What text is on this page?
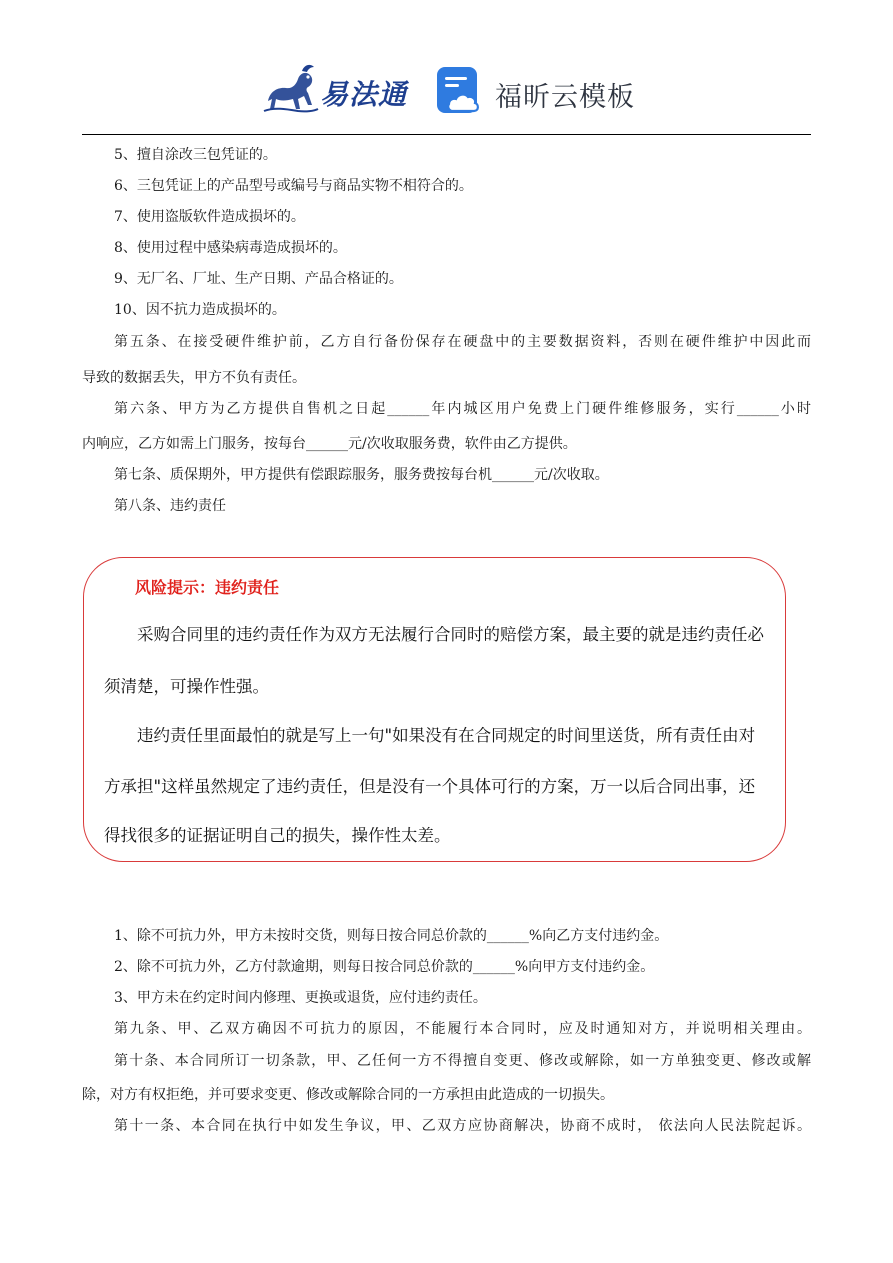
易法通	福昕云模板
5、擅自涂改三包凭证的。
6、三包凭证上的产品型号或编号与商品实物不相符合的。
7、使用盗版软件造成损坏的。
8、使用过程中感染病毒造成损坏的。
9、无厂名、厂址、生产日期、产品合格证的。
10、因不抗力造成损坏的。
第五条、在接受硬件维护前，乙方自行备份保存在硬盘中的主要数据资料，否则在硬件维护中因此而
导致的数据丢失，甲方不负有责任。
第六条、甲方为乙方提供自售机之日起______年内城区用户免费上门硬件维修服务，实行______小时
内响应，乙方如需上门服务，按每台______元/次收取服务费，软件由乙方提供。
第七条、质保期外，甲方提供有偿跟踪服务，服务费按每台机______元/次收取。
第八条、违约责任
风险提示：违约责任
采购合同里的违约责任作为双方无法履行合同时的赔偿方案，最主要的就是违约责任必
须清楚，可操作性强。
违约责任里面最怕的就是写上一句"如果没有在合同规定的时间里送货，所有责任由对
方承担"这样虽然规定了违约责任，但是没有一个具体可行的方案，万一以后合同出事，还
得找很多的证据证明自己的损失，操作性太差。
1、除不可抗力外，甲方未按时交货，则每日按合同总价款的______%向乙方支付违约金。
2、除不可抗力外，乙方付款逾期，则每日按合同总价款的______%向甲方支付违约金。
3、甲方未在约定时间内修理、更换或退货，应付违约责任。
第九条、甲、乙双方确因不可抗力的原因，不能履行本合同时，应及时通知对方，并说明相关理由。
第十条、本合同所订一切条款，甲、乙任何一方不得擅自变更、修改或解除，如一方单独变更、修改或解
除，对方有权拒绝，并可要求变更、修改或解除合同的一方承担由此造成的一切损失。
第十一条、本合同在执行中如发生争议，甲、乙双方应协商解决，协商不成时， 依法向人民法院起诉。
